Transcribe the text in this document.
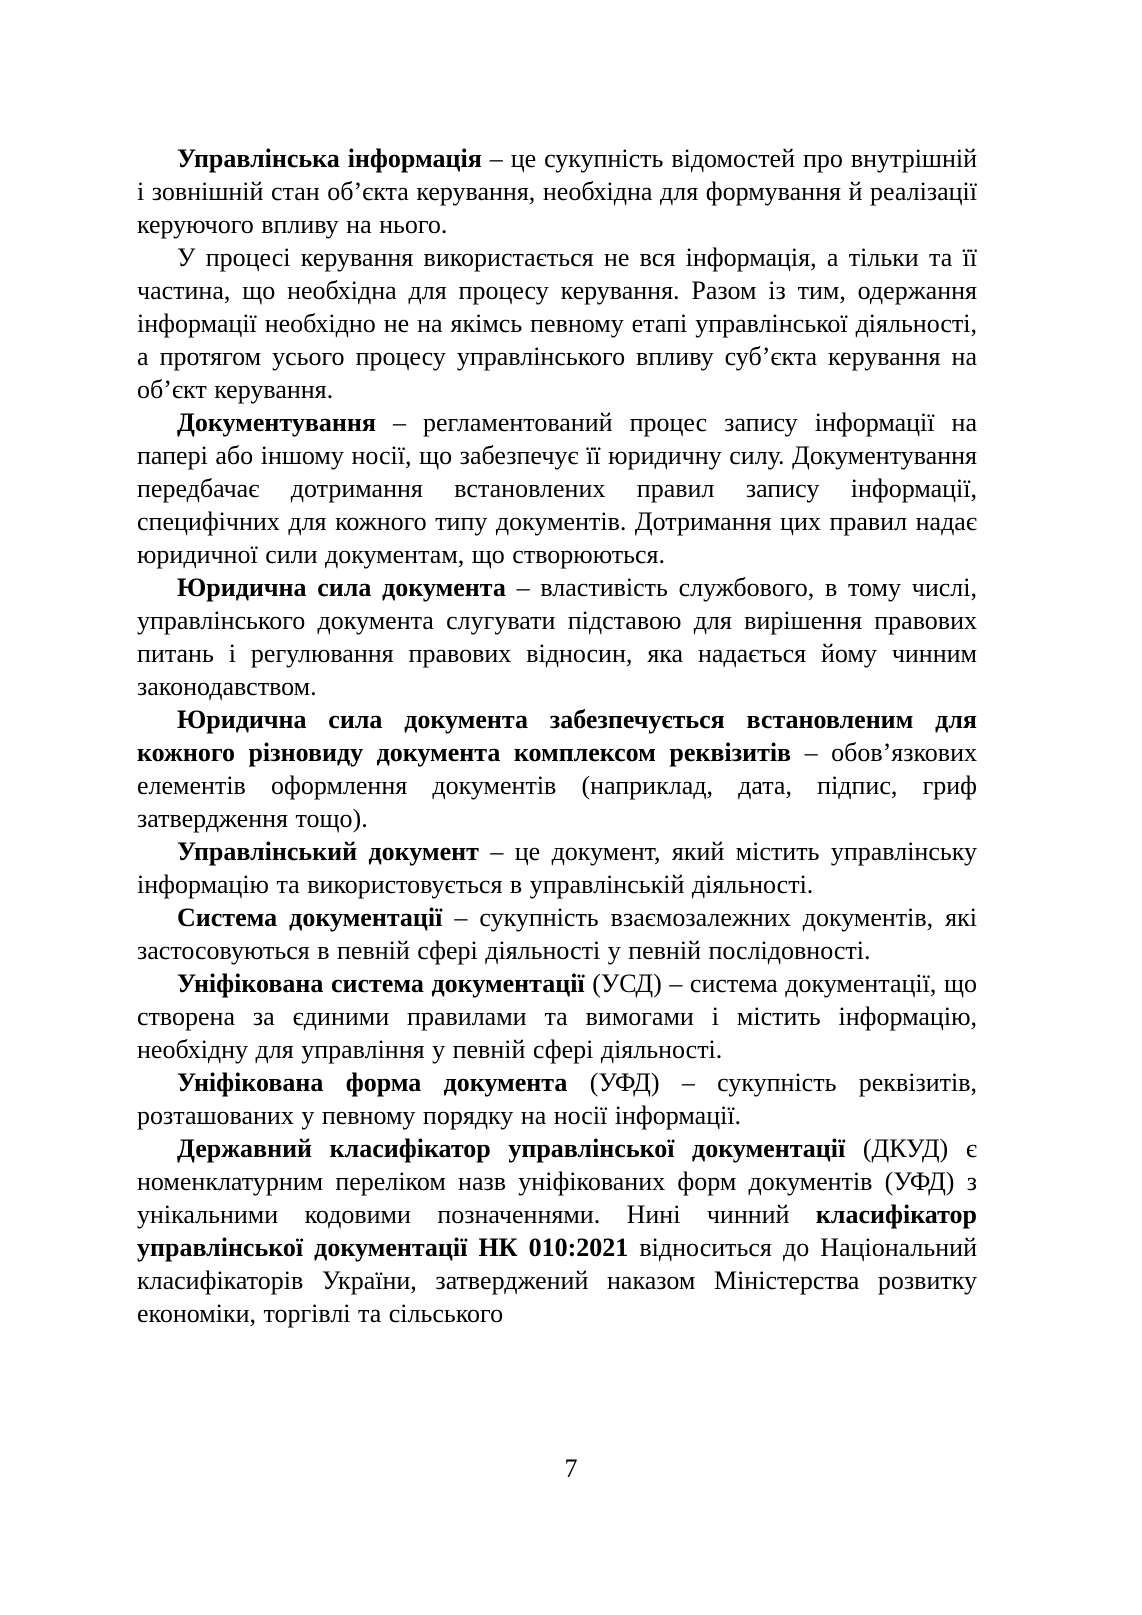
Управлінська інформація – це сукупність відомостей про внутрішній і зовнішній стан об’єкта керування, необхідна для формування й реалізації керуючого впливу на нього.

У процесі керування використається не вся інформація, а тільки та її частина, що необхідна для процесу керування. Разом із тим, одержання інформації необхідно не на якімсь певному етапі управлінської діяльності, а протягом усього процесу управлінського впливу суб’єкта керування на об’єкт керування.

Документування – регламентований процес запису інформації на папері або іншому носії, що забезпечує її юридичну силу. Документування передбачає дотримання встановлених правил запису інформації, специфічних для кожного типу документів. Дотримання цих правил надає юридичної сили документам, що створюються.

Юридична сила документа – властивість службового, в тому числі, управлінського документа слугувати підставою для вирішення правових питань і регулювання правових відносин, яка надається йому чинним законодавством.

Юридична сила документа забезпечується встановленим для кожного різновиду документа комплексом реквізитів – обов’язкових елементів оформлення документів (наприклад, дата, підпис, гриф затвердження тощо).

Управлінський документ – це документ, який містить управлінську інформацію та використовується в управлінській діяльності.

Система документації – сукупність взаємозалежних документів, які застосовуються в певній сфері діяльності у певній послідовності.

Уніфікована система документації (УСД) – система документації, що створена за єдиними правилами та вимогами і містить інформацію, необхідну для управління у певній сфері діяльності.

Уніфікована форма документа (УФД) – сукупність реквізитів, розташованих у певному порядку на носії інформації.

Державний класифікатор управлінської документації (ДКУД) є номенклатурним переліком назв уніфікованих форм документів (УФД) з унікальними кодовими позначеннями. Нині чинний класифікатор управлінської документації НК 010:2021 відноситься до Національний класифікаторів України, затверджений наказом Міністерства розвитку економіки, торгівлі та сільського

7
